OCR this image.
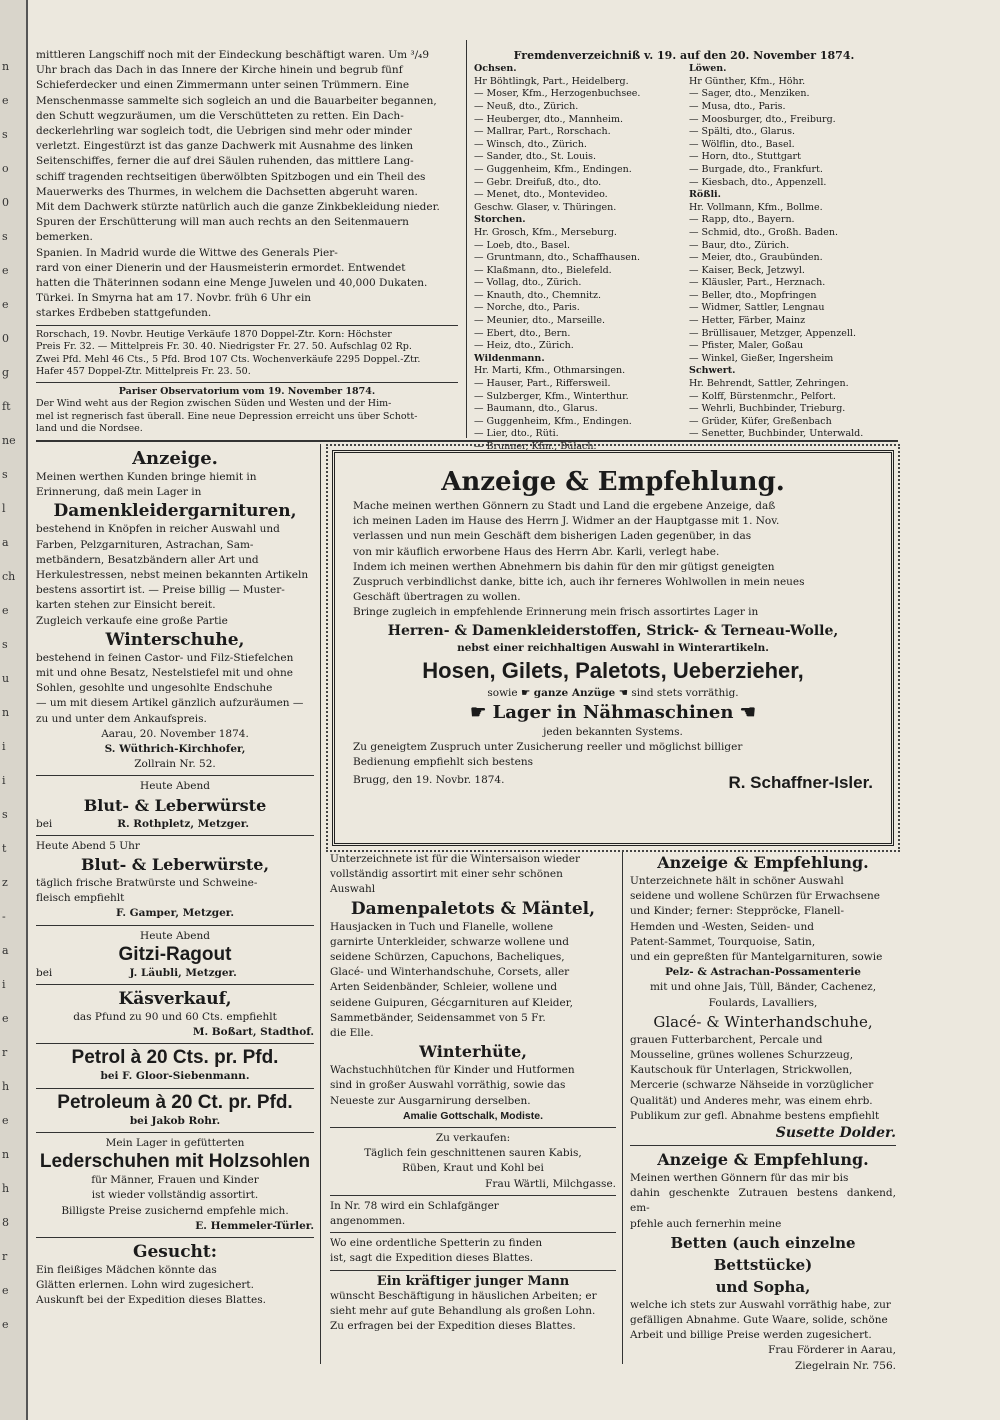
n
e
s
o
0
s
e
e
0
g
ft
ne
s
l
a
ch
e
s
u
n
i
i
s
t
z
-
a
i
e
r
h
e
n
h
8
r
e
e

mittleren Langschiff noch mit der Eindeckung beschäftigt waren. Um ³/₄9

Uhr brach das Dach in das Innere der Kirche hinein und begrub fünf

Schieferdecker und einen Zimmermann unter seinen Trümmern. Eine

Menschenmasse sammelte sich sogleich an und die Bauarbeiter begannen,

den Schutt wegzuräumen, um die Verschütteten zu retten. Ein Dach-

deckerlehrling war sogleich todt, die Uebrigen sind mehr oder minder

verletzt. Eingestürzt ist das ganze Dachwerk mit Ausnahme des linken

Seitenschiffes, ferner die auf drei Säulen ruhenden, das mittlere Lang-

schiff tragenden rechtseitigen überwölbten Spitzbogen und ein Theil des

Mauerwerks des Thurmes, in welchem die Dachsetten abgeruht waren.

Mit dem Dachwerk stürzte natürlich auch die ganze Zinkbekleidung nieder.

Spuren der Erschütterung will man auch rechts an den Seitenmauern

bemerken.

Spanien. In Madrid wurde die Wittwe des Generals Pier-

rard von einer Dienerin und der Hausmeisterin ermordet. Entwendet

hatten die Thäterinnen sodann eine Menge Juwelen und 40,000 Dukaten.

Türkei. In Smyrna hat am 17. Novbr. früh 6 Uhr ein

starkes Erdbeben stattgefunden.

Rorschach, 19. Novbr. Heutige Verkäufe 1870 Doppel-Ztr. Korn: Höchster

Preis Fr. 32. — Mittelpreis Fr. 30. 40. Niedrigster Fr. 27. 50. Aufschlag 02 Rp.

Zwei Pfd. Mehl 46 Cts., 5 Pfd. Brod 107 Cts. Wochenverkäufe 2295 Doppel.-Ztr.

Hafer 457 Doppel-Ztr. Mittelpreis Fr. 23. 50.

Pariser Observatorium vom 19. November 1874.

Der Wind weht aus der Region zwischen Süden und Westen und der Him-

mel ist regnerisch fast überall. Eine neue Depression erreicht uns über Schott-

land und die Nordsee.

Fremdenverzeichniß v. 19. auf den 20. November 1874.

Ochsen.

Hr Böhtlingk, Part., Heidelberg.

— Moser, Kfm., Herzogenbuchsee.

— Neuß, dto., Zürich.

— Heuberger, dto., Mannheim.

— Mallrar, Part., Rorschach.

— Winsch, dto., Zürich.

— Sander, dto., St. Louis.

— Guggenheim, Kfm., Endingen.

— Gebr. Dreifuß, dto., dto.

— Menet, dto., Montevideo.

Geschw. Glaser, v. Thüringen.

Storchen.

Hr. Grosch, Kfm., Merseburg.

— Loeb, dto., Basel.

— Gruntmann, dto., Schaffhausen.

— Klaßmann, dto., Bielefeld.

— Vollag, dto., Zürich.

— Knauth, dto., Chemnitz.

— Norche, dto., Paris.

— Meunier, dto., Marseille.

— Ebert, dto., Bern.

— Heiz, dto., Zürich.

Wildenmann.

Hr. Marti, Kfm., Othmarsingen.

— Hauser, Part., Riffersweil.

— Sulzberger, Kfm., Winterthur.

— Baumann, dto., Glarus.

— Guggenheim, Kfm., Endingen.

— Lier, dto., Rüti.

— Brunner, Kfm., Bülach.

Löwen.

Hr Günther, Kfm., Höhr.

— Sager, dto., Menziken.

— Musa, dto., Paris.

— Moosburger, dto., Freiburg.

— Spälti, dto., Glarus.

— Wölflin, dto., Basel.

— Horn, dto., Stuttgart

— Burgade, dto., Frankfurt.

— Kiesbach, dto., Appenzell.

Rößli.

Hr. Vollmann, Kfm., Bollme.

— Rapp, dto., Bayern.

— Schmid, dto., Großh. Baden.

— Baur, dto., Zürich.

— Meier, dto., Graubünden.

— Kaiser, Beck, Jetzwyl.

— Kläusler, Part., Herznach.

— Beller, dto., Mopfringen

— Widmer, Sattler, Lengnau

— Hetter, Färber, Mainz

— Brüllisauer, Metzger, Appenzell.

— Pfister, Maler, Goßau

— Winkel, Gießer, Ingersheim

Schwert.

Hr. Behrendt, Sattler, Zehringen.

— Kolff, Bürstenmchr., Pelfort.

— Wehrli, Buchbinder, Trieburg.

— Grüder, Küfer, Greßenbach

— Senetter, Buchbinder, Unterwald.

Anzeige.

Meinen werthen Kunden bringe hiemit in

Erinnerung, daß mein Lager in

Damenkleidergarnituren,

bestehend in Knöpfen in reicher Auswahl und

Farben, Pelzgarnituren, Astrachan, Sam-

metbändern, Besatzbändern aller Art und

Herkulestressen, nebst meinen bekannten Artikeln

bestens assortirt ist. — Preise billig — Muster-

karten stehen zur Einsicht bereit.

Zugleich verkaufe eine große Partie

Winterschuhe,

bestehend in feinen Castor- und Filz-Stiefelchen

mit und ohne Besatz, Nestelstiefel mit und ohne

Sohlen, gesohlte und ungesohlte Endschuhe

— um mit diesem Artikel gänzlich aufzuräumen —

zu und unter dem Ankaufspreis.

Aarau, 20. November 1874.

S. Wüthrich-Kirchhofer,

Zollrain Nr. 52.

Heute Abend

Blut- & Leberwürste
bei	R. Rothpletz, Metzger.

Heute Abend 5 Uhr

Blut- & Leberwürste,

täglich frische Bratwürste und Schweine-

fleisch empfiehlt

F. Gamper, Metzger.

Heute Abend

Gitzi-Ragout
bei	J. Läubli, Metzger.
Käsverkauf,

das Pfund zu 90 und 60 Cts. empfiehlt

M. Boßart, Stadthof.

Petrol à 20 Cts. pr. Pfd.

bei F. Gloor-Siebenmann.

Petroleum à 20 Ct. pr. Pfd.

bei Jakob Rohr.

Mein Lager in gefütterten

Lederschuhen mit Holzsohlen

für Männer, Frauen und Kinder

ist wieder vollständig assortirt.

Billigste Preise zusichernd empfehle mich.

E. Hemmeler-Türler.

Gesucht:

Ein fleißiges Mädchen könnte das

Glätten erlernen. Lohn wird zugesichert.

Auskunft bei der Expedition dieses Blattes.

Anzeige & Empfehlung.

Mache meinen werthen Gönnern zu Stadt und Land die ergebene Anzeige, daß

ich meinen Laden im Hause des Herrn J. Widmer an der Hauptgasse mit 1. Nov.

verlassen und nun mein Geschäft dem bisherigen Laden gegenüber, in das

von mir käuflich erworbene Haus des Herrn Abr. Karli, verlegt habe.

Indem ich meinen werthen Abnehmern bis dahin für den mir gütigst geneigten

Zuspruch verbindlichst danke, bitte ich, auch ihr ferneres Wohlwollen in mein neues

Geschäft übertragen zu wollen.

Bringe zugleich in empfehlende Erinnerung mein frisch assortirtes Lager in

Herren- & Damenkleiderstoffen, Strick- & Terneau-Wolle,

nebst einer reichhaltigen Auswahl in Winterartikeln.

Hosen, Gilets, Paletots, Ueberzieher,

sowie ☛ ganze Anzüge ☚ sind stets vorräthig.

☛ Lager in Nähmaschinen ☚

jeden bekannten Systems.

Zu geneigtem Zuspruch unter Zusicherung reeller und möglichst billiger

Bedienung empfiehlt sich bestens

Brugg, den 19. Novbr. 1874.	R. Schaffner-Isler.

Unterzeichnete ist für die Wintersaison wieder

vollständig assortirt mit einer sehr schönen

Auswahl

Damenpaletots & Mäntel,

Hausjacken in Tuch und Flanelle, wollene

garnirte Unterkleider, schwarze wollene und

seidene Schürzen, Capuchons, Bacheliques,

Glacé- und Winterhandschuhe, Corsets, aller

Arten Seidenbänder, Schleier, wollene und

seidene Guipuren, Gécgarnituren auf Kleider,

Sammetbänder, Seidensammet von 5 Fr.

die Elle.

Winterhüte,

Wachstuchhütchen für Kinder und Hutformen

sind in großer Auswahl vorräthig, sowie das

Neueste zur Ausgarnirung derselben.

Amalie Gottschalk, Modiste.

Zu verkaufen:

Täglich fein geschnittenen sauren Kabis,

Rüben, Kraut und Kohl bei

Frau Wärtli, Milchgasse.

In Nr. 78 wird ein Schlafgänger

angenommen.

Wo eine ordentliche Spetterin zu finden

ist, sagt die Expedition dieses Blattes.

Ein kräftiger junger Mann

wünscht Beschäftigung in häuslichen Arbeiten; er

sieht mehr auf gute Behandlung als großen Lohn.

Zu erfragen bei der Expedition dieses Blattes.

Anzeige & Empfehlung.

Unterzeichnete hält in schöner Auswahl

seidene und wollene Schürzen für Erwachsene

und Kinder; ferner: Steppröcke, Flanell-

Hemden und -Westen, Seiden- und

Patent-Sammet, Tourquoise, Satin,

und ein gepreßten für Mantelgarnituren, sowie

Pelz- & Astrachan-Possamenterie

mit und ohne Jais, Tüll, Bänder, Cachenez,

Foulards, Lavalliers,

Glacé- & Winterhandschuhe,

grauen Futterbarchent, Percale und

Mousseline, grünes wollenes Schurzzeug,

Kautschouk für Unterlagen, Strickwollen,

Mercerie (schwarze Nähseide in vorzüglicher

Qualität) und Anderes mehr, was einem ehrb.

Publikum zur gefl. Abnahme bestens empfiehlt

Susette Dolder.

Anzeige & Empfehlung.

Meinen werthen Gönnern für das mir bis

dahin geschenkte Zutrauen bestens dankend, em-

pfehle auch fernerhin meine

Betten (auch einzelne Bettstücke)
und Sopha,

welche ich stets zur Auswahl vorräthig habe, zur

gefälligen Abnahme. Gute Waare, solide, schöne

Arbeit und billige Preise werden zugesichert.

Frau Förderer in Aarau,

Ziegelrain Nr. 756.
